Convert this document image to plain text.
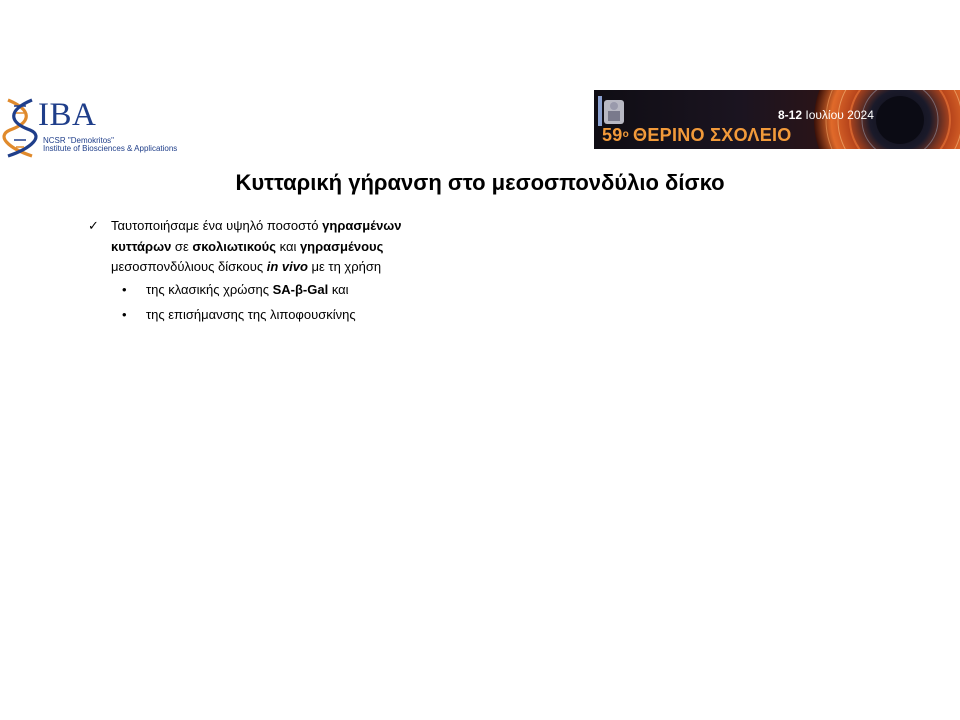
IBA
NCSR "Demokritos"
Institute of Biosciences & Applications
8-12 Ιουλίου 2024
$59^o$ ΘΕΡΙΝΟ ΣΧΟΛΕΙΟ
Κυτταρική γήρανση στο μεσοσπονδύλιο δίσκο
✓ Ταυτοποιήσαμε ένα υψηλό ποσοστό γηρασμένων
κυττάρων σε σκολιωτικούς και γηρασμένους
μεσοσπονδύλιους δίσκους in vivo με τη χρήση
• της κλασικής χρώσης SA-β-Gal και
• της επισήμανσης της λιποφουσκίνης
